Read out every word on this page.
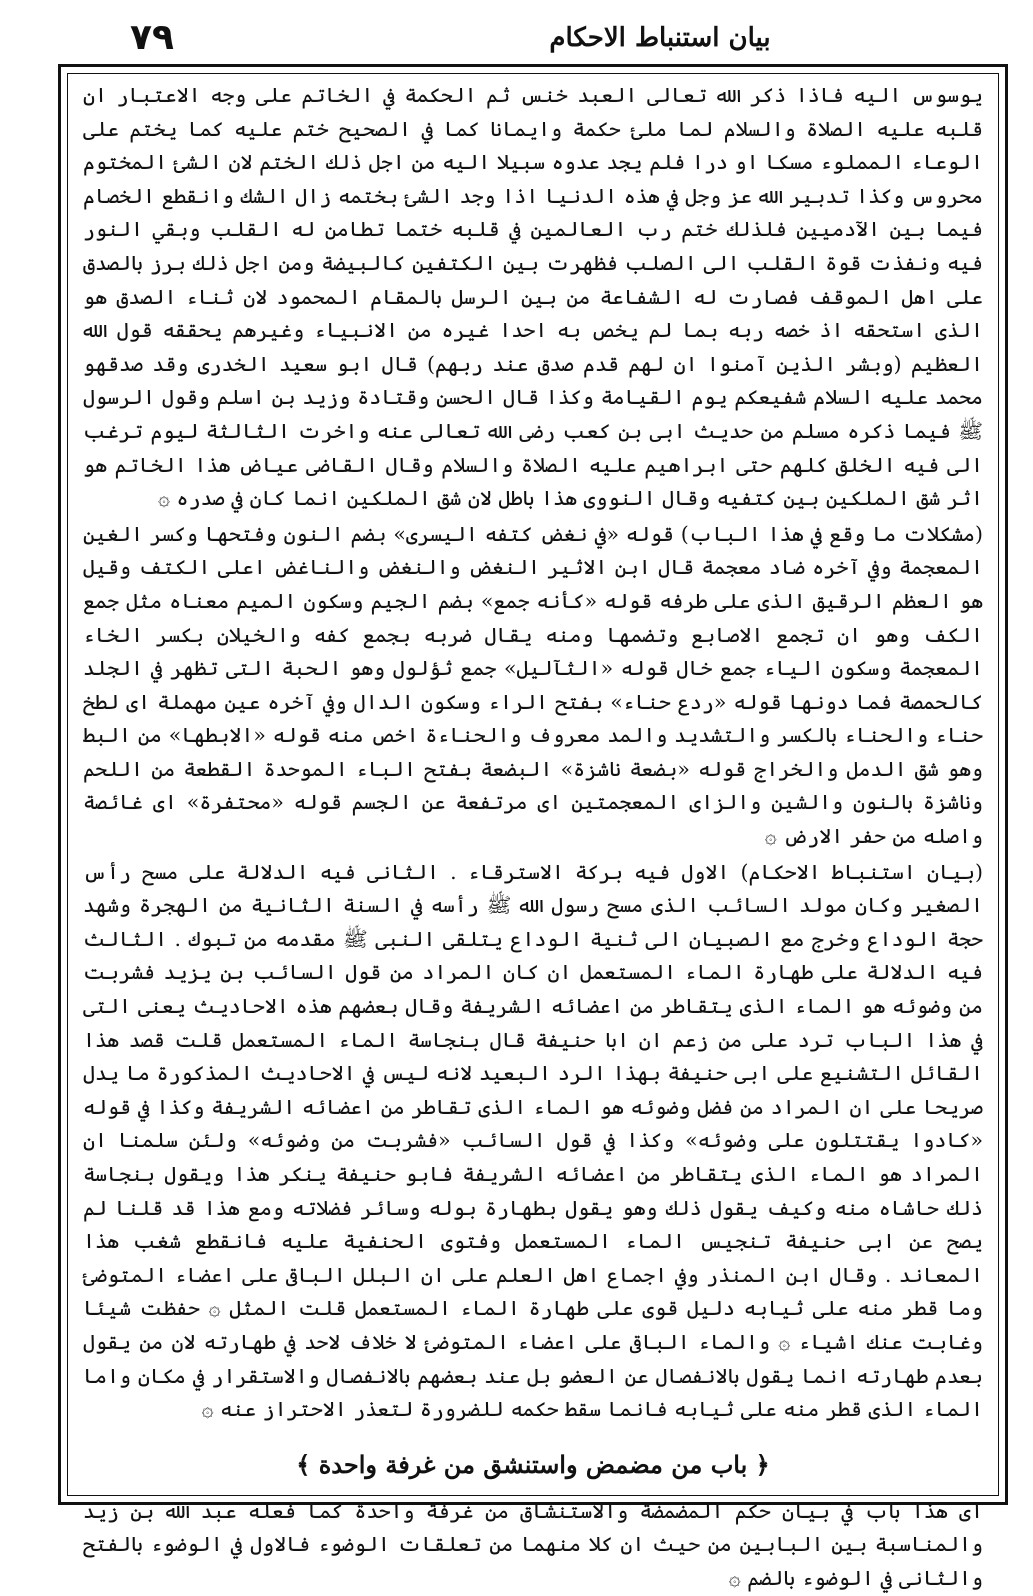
٧٩	بيان استنباط الاحكام

يوسوس اليه فاذا ذكر الله تعالى العبد خنس ثم الحكمة في الخاتم على وجه الاعتبار ان قلبه عليه الصلاة والسلام لما ملئ حكمة وايمانا كما في الصحيح ختم عليه كما يختم على الوعاء المملوء مسكا او درا فلم يجد عدوه سبيلا اليه من اجل ذلك الختم لان الشئ المختوم محروس وكذا تدبير الله عز وجل في هذه الدنيا اذا وجد الشئ بختمه زال الشك وانقطع الخصام فيما بين الآدميين فلذلك ختم رب العالمين في قلبه ختما تطامن له القلب وبقي النور فيه ونفذت قوة القلب الى الصلب فظهرت بين الكتفين كالبيضة ومن اجل ذلك برز بالصدق على اهل الموقف فصارت له الشفاعة من بين الرسل بالمقام المحمود لان ثناء الصدق هو الذى استحقه اذ خصه ربه بما لم يخص به احدا غيره من الانبياء وغيرهم يحققه قول الله العظيم (وبشر الذين آمنوا ان لهم قدم صدق عند ربهم) قال ابو سعيد الخدرى وقد صدقهو محمد عليه السلام شفيعكم يوم القيامة وكذا قال الحسن وقتادة وزيد بن اسلم وقول الرسول ﷺ فيما ذكره مسلم من حديث ابى بن كعب رضى الله تعالى عنه واخرت الثالثة ليوم ترغب الى فيه الخلق كلهم حتى ابراهيم عليه الصلاة والسلام وقال القاضى عياض هذا الخاتم هو اثر شق الملكين بين كتفيه وقال النووى هذا باطل لان شق الملكين انما كان في صدره ۞

(مشكلات ما وقع في هذا الباب) قوله «في نغض كتفه اليسرى» بضم النون وفتحها وكسر الغين المعجمة وفي آخره ضاد معجمة قال ابن الاثير النغض والنغض والناغض اعلى الكتف وقيل هو العظم الرقيق الذى على طرفه قوله «كأنه جمع» بضم الجيم وسكون الميم معناه مثل جمع الكف وهو ان تجمع الاصابع وتضمها ومنه يقال ضربه بجمع كفه والخيلان بكسر الخاء المعجمة وسكون الياء جمع خال قوله «الثآليل» جمع ثؤلول وهو الحبة التى تظهر في الجلد كالحمصة فما دونها قوله «ردع حناء» بفتح الراء وسكون الدال وفي آخره عين مهملة اى لطخ حناء والحناء بالكسر والتشديد والمد معروف والحناءة اخص منه قوله «الابطها» من البط وهو شق الدمل والخراج قوله «بضعة ناشزة» البضعة بفتح الباء الموحدة القطعة من اللحم وناشزة بالنون والشين والزاى المعجمتين اى مرتفعة عن الجسم قوله «محتفرة» اى غائصة واصله من حفر الارض ۞

(بيان استنباط الاحكام) الاول فيه بركة الاسترقاء . الثانى فيه الدلالة على مسح رأس الصغير وكان مولد السائب الذى مسح رسول الله ﷺ رأسه في السنة الثانية من الهجرة وشهد حجة الوداع وخرج مع الصبيان الى ثنية الوداع يتلقى النبى ﷺ مقدمه من تبوك . الثالث فيه الدلالة على طهارة الماء المستعمل ان كان المراد من قول السائب بن يزيد فشربت من وضوئه هو الماء الذى يتقاطر من اعضائه الشريفة وقال بعضهم هذه الاحاديث يعنى التى في هذا الباب ترد على من زعم ان ابا حنيفة قال بنجاسة الماء المستعمل قلت قصد هذا القائل التشنيع على ابى حنيفة بهذا الرد البعيد لانه ليس في الاحاديث المذكورة ما يدل صريحا على ان المراد من فضل وضوئه هو الماء الذى تقاطر من اعضائه الشريفة وكذا في قوله «كادوا يقتتلون على وضوئه» وكذا في قول السائب «فشربت من وضوئه» ولئن سلمنا ان المراد هو الماء الذى يتقاطر من اعضائه الشريفة فابو حنيفة ينكر هذا ويقول بنجاسة ذلك حاشاه منه وكيف يقول ذلك وهو يقول بطهارة بوله وسائر فضلاته ومع هذا قد قلنا لم يصح عن ابى حنيفة تنجيس الماء المستعمل وفتوى الحنفية عليه فانقطع شغب هذا المعاند . وقال ابن المنذر وفي اجماع اهل العلم على ان البلل الباقى على اعضاء المتوضئ وما قطر منه على ثيابه دليل قوى على طهارة الماء المستعمل قلت المثل ۞ حفظت شيئا وغابت عنك اشياء ۞ والماء الباقى على اعضاء المتوضئ لا خلاف لاحد في طهارته لان من يقول بعدم طهارته انما يقول بالانفصال عن العضو بل عند بعضهم بالانفصال والاستقرار في مكان واما الماء الذى قطر منه على ثيابه فانما سقط حكمه للضرورة لتعذر الاحتراز عنه ۞

﴿ باب من مضمض واستنشق من غرفة واحدة ﴾

اى هذا باب في بيان حكم المضمضة والاستنشاق من غرفة واحدة كما فعله عبد الله بن زيد والمناسبة بين البابين من حيث ان كلا منهما من تعلقات الوضوء فالاول في الوضوء بالفتح والثانى في الوضوء بالضم ۞
